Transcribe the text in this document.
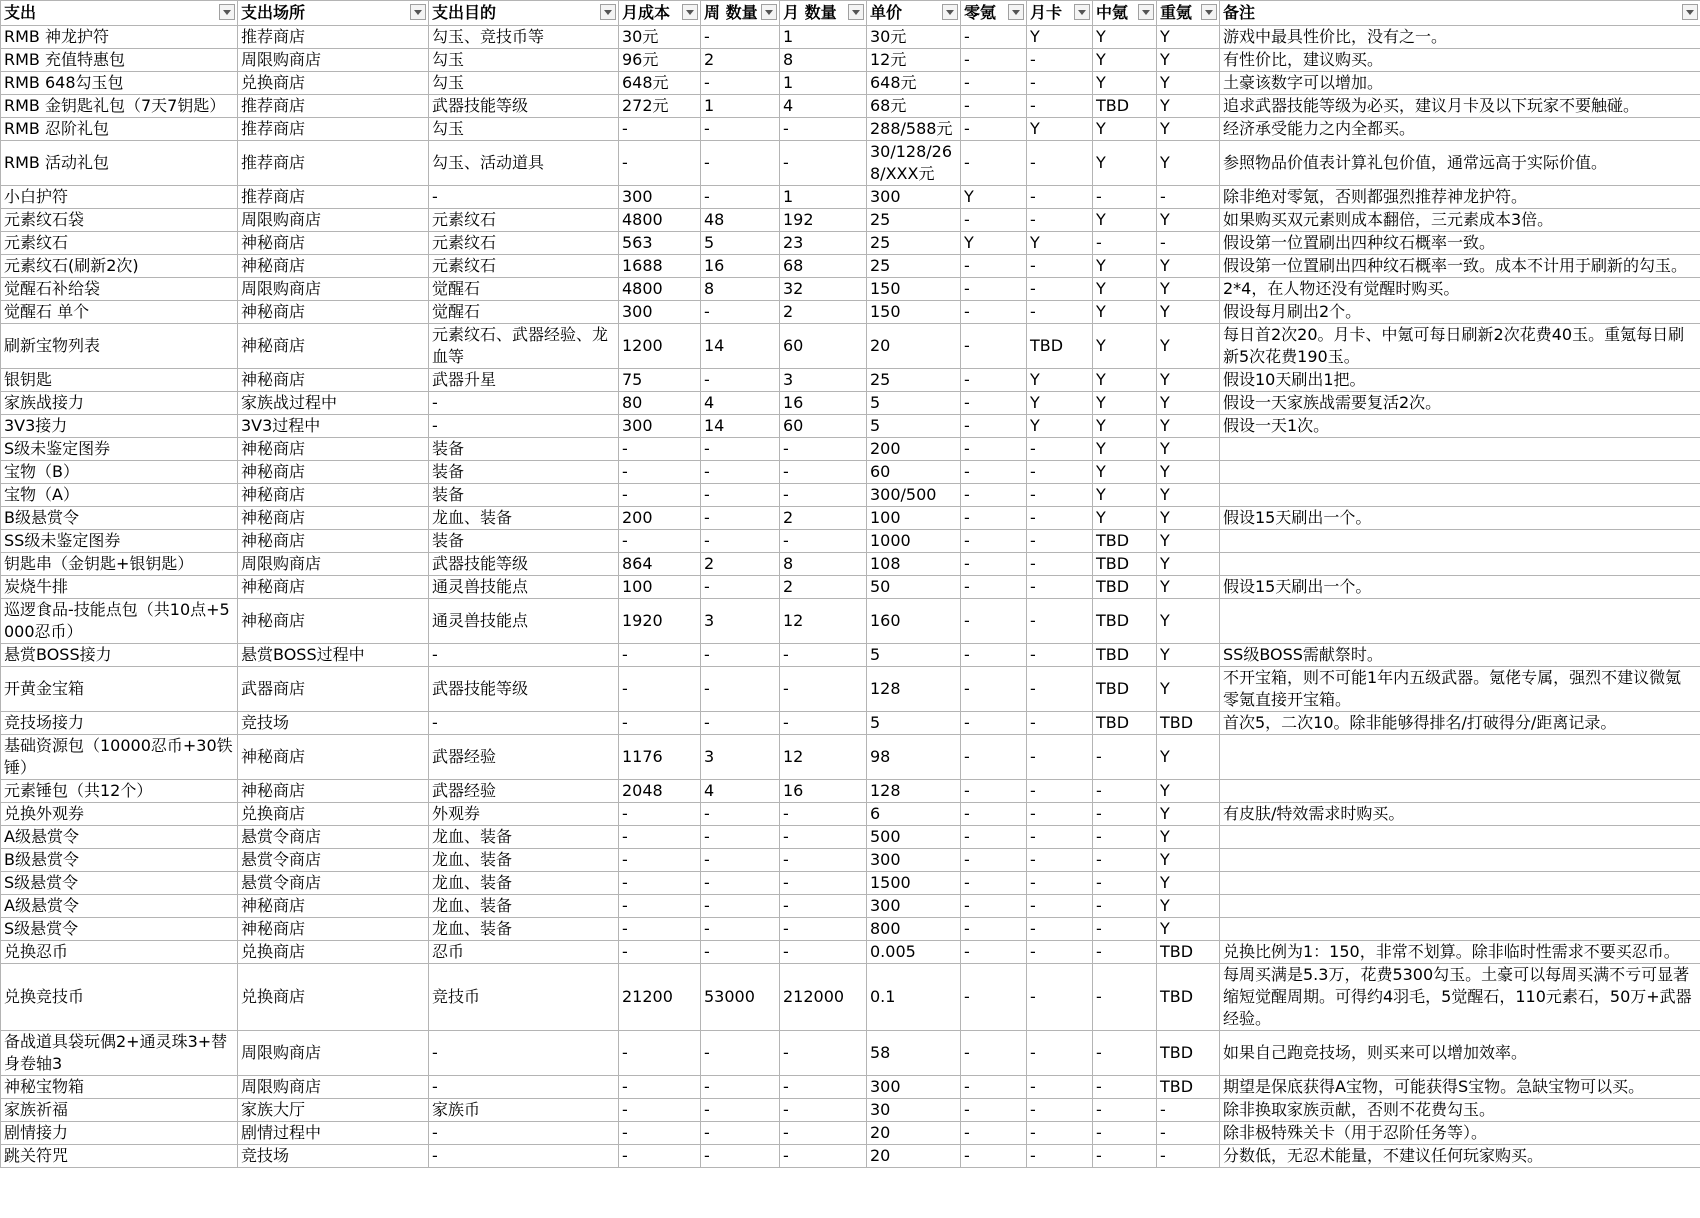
支出	支出场所	支出目的	月成本	周 数量	月 数量	单价	零氪	月卡	中氪	重氪	备注

RMB 神龙护符	推荐商店	勾玉、竞技币等	30元	-	1	30元	-	Y	Y	Y	游戏中最具性价比，没有之一。
RMB 充值特惠包	周限购商店	勾玉	96元	2	8	12元	-	-	Y	Y	有性价比，建议购买。
RMB 648勾玉包	兑换商店	勾玉	648元	-	1	648元	-	-	Y	Y	土豪该数字可以增加。
RMB 金钥匙礼包（7天7钥匙）	推荐商店	武器技能等级	272元	1	4	68元	-	-	TBD	Y	追求武器技能等级为必买，建议月卡及以下玩家不要触碰。
RMB 忍阶礼包	推荐商店	勾玉	-	-	-	288/588元	-	Y	Y	Y	经济承受能力之内全都买。
RMB 活动礼包	推荐商店	勾玉、活动道具	-	-	-	30/128/268/XXX元	-	-	Y	Y	参照物品价值表计算礼包价值，通常远高于实际价值。
小白护符	推荐商店	-	300	-	1	300	Y	-	-	-	除非绝对零氪，否则都强烈推荐神龙护符。
元素纹石袋	周限购商店	元素纹石	4800	48	192	25	-	-	Y	Y	如果购买双元素则成本翻倍，三元素成本3倍。
元素纹石	神秘商店	元素纹石	563	5	23	25	Y	Y	-	-	假设第一位置刷出四种纹石概率一致。
元素纹石(刷新2次)	神秘商店	元素纹石	1688	16	68	25	-	-	Y	Y	假设第一位置刷出四种纹石概率一致。成本不计用于刷新的勾玉。
觉醒石补给袋	周限购商店	觉醒石	4800	8	32	150	-	-	Y	Y	2*4，在人物还没有觉醒时购买。
觉醒石 单个	神秘商店	觉醒石	300	-	2	150	-	-	Y	Y	假设每月刷出2个。
刷新宝物列表	神秘商店	元素纹石、武器经验、龙血等	1200	14	60	20	-	TBD	Y	Y	每日首2次20。月卡、中氪可每日刷新2次花费40玉。重氪每日刷新5次花费190玉。
银钥匙	神秘商店	武器升星	75	-	3	25	-	Y	Y	Y	假设10天刷出1把。
家族战接力	家族战过程中	-	80	4	16	5	-	Y	Y	Y	假设一天家族战需要复活2次。
3V3接力	3V3过程中	-	300	14	60	5	-	Y	Y	Y	假设一天1次。
S级未鉴定图券	神秘商店	装备	-	-	-	200	-	-	Y	Y	
宝物（B）	神秘商店	装备	-	-	-	60	-	-	Y	Y	
宝物（A）	神秘商店	装备	-	-	-	300/500	-	-	Y	Y	
B级悬赏令	神秘商店	龙血、装备	200	-	2	100	-	-	Y	Y	假设15天刷出一个。
SS级未鉴定图券	神秘商店	装备	-	-	-	1000	-	-	TBD	Y	
钥匙串（金钥匙+银钥匙）	周限购商店	武器技能等级	864	2	8	108	-	-	TBD	Y	
炭烧牛排	神秘商店	通灵兽技能点	100	-	2	50	-	-	TBD	Y	假设15天刷出一个。
巡逻食品-技能点包（共10点+5000忍币）	神秘商店	通灵兽技能点	1920	3	12	160	-	-	TBD	Y	
悬赏BOSS接力	悬赏BOSS过程中	-	-	-	-	5	-	-	TBD	Y	SS级BOSS需献祭时。
开黄金宝箱	武器商店	武器技能等级	-	-	-	128	-	-	TBD	Y	不开宝箱，则不可能1年内五级武器。氪佬专属，强烈不建议微氪零氪直接开宝箱。
竞技场接力	竞技场	-	-	-	-	5	-	-	TBD	TBD	首次5，二次10。除非能够得排名/打破得分/距离记录。
基础资源包（10000忍币+30铁锤）	神秘商店	武器经验	1176	3	12	98	-	-	-	Y	
元素锤包（共12个）	神秘商店	武器经验	2048	4	16	128	-	-	-	Y	
兑换外观券	兑换商店	外观券	-	-	-	6	-	-	-	Y	有皮肤/特效需求时购买。
A级悬赏令	悬赏令商店	龙血、装备	-	-	-	500	-	-	-	Y	
B级悬赏令	悬赏令商店	龙血、装备	-	-	-	300	-	-	-	Y	
S级悬赏令	悬赏令商店	龙血、装备	-	-	-	1500	-	-	-	Y	
A级悬赏令	神秘商店	龙血、装备	-	-	-	300	-	-	-	Y	
S级悬赏令	神秘商店	龙血、装备	-	-	-	800	-	-	-	Y	
兑换忍币	兑换商店	忍币	-	-	-	0.005	-	-	-	TBD	兑换比例为1：150，非常不划算。除非临时性需求不要买忍币。
兑换竞技币	兑换商店	竞技币	21200	53000	212000	0.1	-	-	-	TBD	每周买满是5.3万，花费5300勾玉。土豪可以每周买满不亏可显著缩短觉醒周期。可得约4羽毛，5觉醒石，110元素石，50万+武器经验。
备战道具袋玩偶2+通灵珠3+替身卷轴3	周限购商店	-	-	-	-	58	-	-	-	TBD	如果自己跑竞技场，则买来可以增加效率。
神秘宝物箱	周限购商店	-	-	-	-	300	-	-	-	TBD	期望是保底获得A宝物，可能获得S宝物。急缺宝物可以买。
家族祈福	家族大厅	家族币	-	-	-	30	-	-	-	-	除非换取家族贡献，否则不花费勾玉。
剧情接力	剧情过程中	-	-	-	-	20	-	-	-	-	除非极特殊关卡（用于忍阶任务等）。
跳关符咒	竞技场	-	-	-	-	20	-	-	-	-	分数低，无忍术能量，不建议任何玩家购买。
